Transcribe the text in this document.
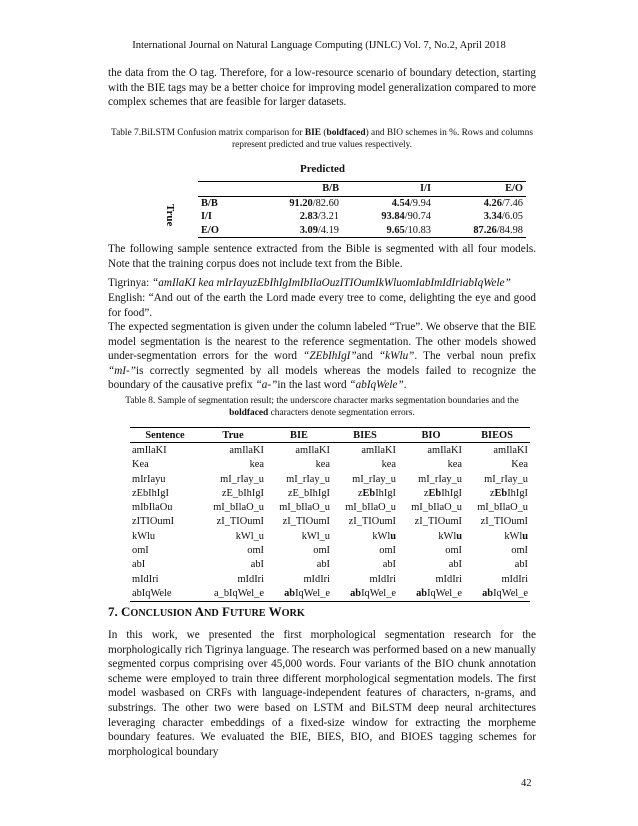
International Journal on Natural Language Computing (IJNLC) Vol. 7, No.2, April 2018

the data from the O tag. Therefore, for a low-resource scenario of boundary detection, starting with the BIE tags may be a better choice for improving model generalization compared to more complex schemes that are feasible for larger datasets.

Table 7.BiLSTM Confusion matrix comparison for BIE (boldfaced) and BIO schemes in %. Rows and columns represent predicted and true values respectively.

Predicted
True
	B/B	I/I	E/O
B/B	91.20/82.60	4.54/9.94	4.26/7.46
I/I	2.83/3.21	93.84/90.74	3.34/6.05
E/O	3.09/4.19	9.65/10.83	87.26/84.98

The following sample sentence extracted from the Bible is segmented with all four models. Note that the training corpus does not include text from the Bible.

Tigrinya: “amIlaKI kea mIrIayuzEbIhIgImIbIlaOuzITIOumIkWluomIabImIdIriabIqWele”

English: “And out of the earth the Lord made every tree to come, delighting the eye and good for food”.

The expected segmentation is given under the column labeled “True”. We observe that the BIE model segmentation is the nearest to the reference segmentation. The other models showed under-segmentation errors for the word “ZEbIhIgI”and “kWlu”. The verbal noun prefix “mI-”is correctly segmented by all models whereas the models failed to recognize the boundary of the causative prefix “a-”in the last word “abIqWele”.

Table 8. Sample of segmentation result; the underscore character marks segmentation boundaries and the boldfaced characters denote segmentation errors.

Sentence	True	BIE	BIES	BIO	BIEOS
amIlaKI	amIlaKI	amIlaKI	amIlaKI	amIlaKI	amIlaKI
Kea	kea	kea	kea	kea	Kea
mIrIayu	mI_rIay_u	mI_rIay_u	mI_rIay_u	mI_rIay_u	mI_rIay_u
zEbIhIgI	zE_bIhIgI	zE_bIhIgI	zEbIhIgI	zEbIhIgI	zEbIhIgI
mIbIlaOu	mI_bIlaO_u	mI_bIlaO_u	mI_bIlaO_u	mI_bIlaO_u	mI_bIlaO_u
zITIOumI	zI_TIOumI	zI_TIOumI	zI_TIOumI	zI_TIOumI	zI_TIOumI
kWlu	kWl_u	kWl_u	kWlu	kWlu	kWlu
omI	omI	omI	omI	omI	omI
abI	abI	abI	abI	abI	abI
mIdIri	mIdIri	mIdIri	mIdIri	mIdIri	mIdIri
abIqWele	a_bIqWel_e	abIqWel_e	abIqWel_e	abIqWel_e	abIqWel_e
7. CONCLUSION AND FUTURE WORK

In this work, we presented the first morphological segmentation research for the morphologically rich Tigrinya language. The research was performed based on a new manually segmented corpus comprising over 45,000 words. Four variants of the BIO chunk annotation scheme were employed to train three different morphological segmentation models. The first model wasbased on CRFs with language-independent features of characters, n-grams, and substrings. The other two were based on LSTM and BiLSTM deep neural architectures leveraging character embeddings of a fixed-size window for extracting the morpheme boundary features. We evaluated the BIE, BIES, BIO, and BIOES tagging schemes for morphological boundary

42
